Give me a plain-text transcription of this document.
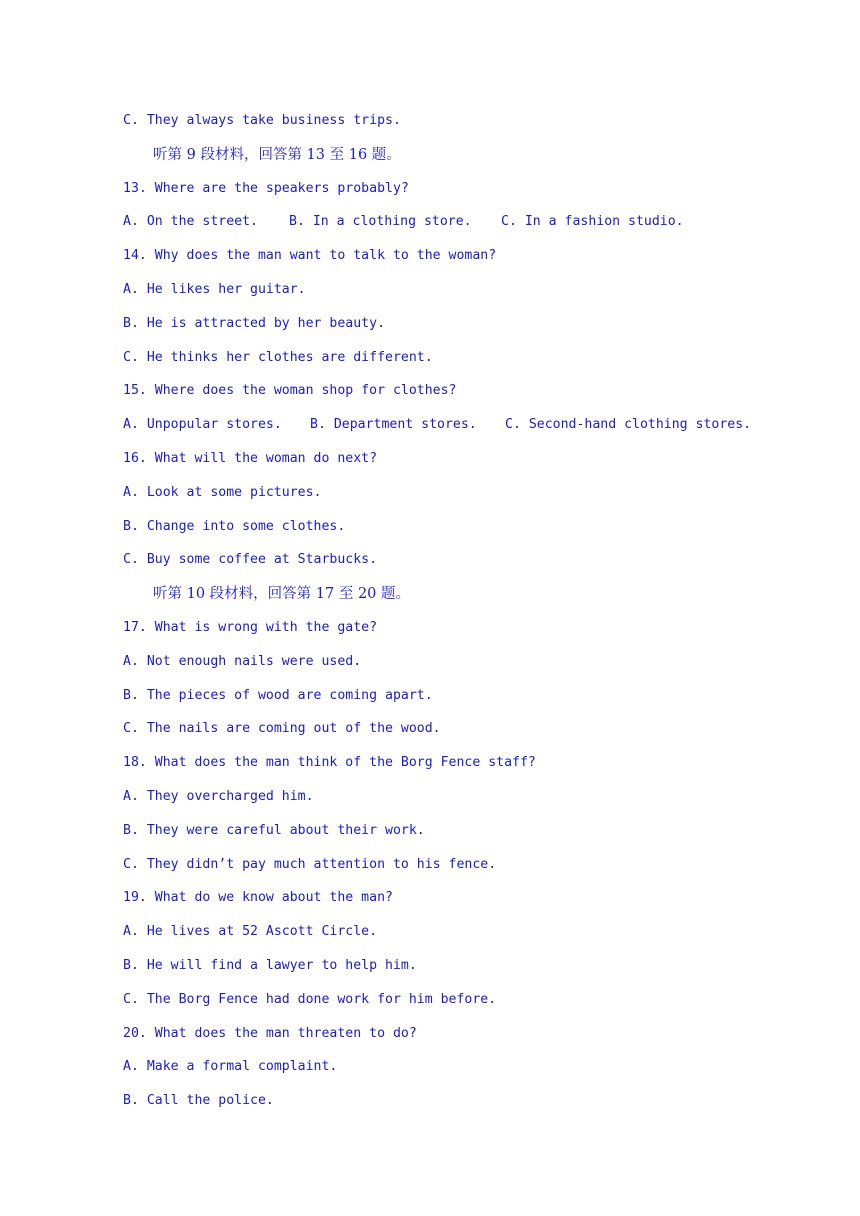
C. They always take business trips.
听第 9 段材料，回答第 13 至 16 题。
13. Where are the speakers probably?
A. On the street.	B. In a clothing store.	C. In a fashion studio.
14. Why does the man want to talk to the woman?
A. He likes her guitar.
B. He is attracted by her beauty.
C. He thinks her clothes are different.
15. Where does the woman shop for clothes?
A. Unpopular stores.	B. Department stores.	C. Second-hand clothing stores.
16. What will the woman do next?
A. Look at some pictures.
B. Change into some clothes.
C. Buy some coffee at Starbucks.
听第 10 段材料，回答第 17 至 20 题。
17. What is wrong with the gate?
A. Not enough nails were used.
B. The pieces of wood are coming apart.
C. The nails are coming out of the wood.
18. What does the man think of the Borg Fence staff?
A. They overcharged him.
B. They were careful about their work.
C. They didn’t pay much attention to his fence.
19. What do we know about the man?
A. He lives at 52 Ascott Circle.
B. He will find a lawyer to help him.
C. The Borg Fence had done work for him before.
20. What does the man threaten to do?
A. Make a formal complaint.
B. Call the police.
